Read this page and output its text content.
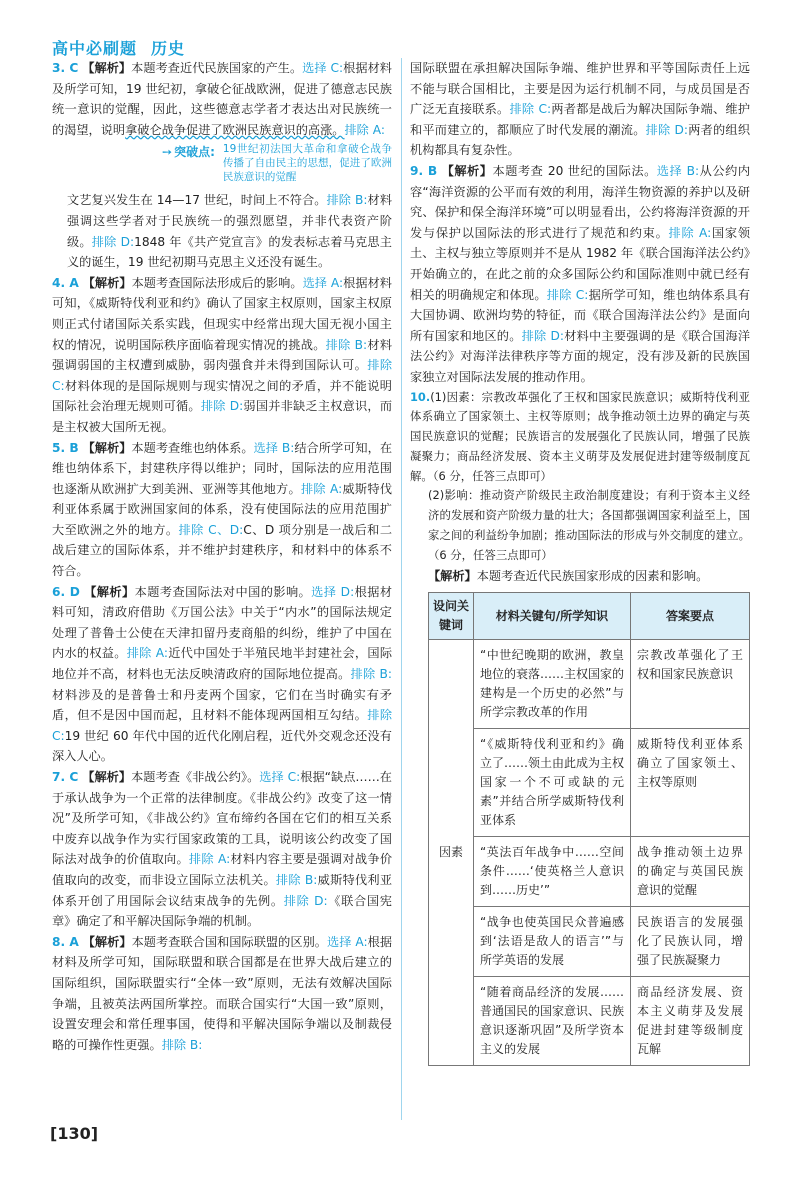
高中必刷题 历史

3. C 【解析】本题考查近代民族国家的产生。选择 C:根据材料及所学可知，19 世纪初，拿破仑征战欧洲，促进了德意志民族统一意识的觉醒，因此，这些德意志学者才表达出对民族统一的渴望，说明拿破仑战争促进了欧洲民族意识的高涨。排除 A:

➙ 突破点 : 19世纪初法国大革命和拿破仑战争传播了自由民主的思想，促进了欧洲民族意识的觉醒

文艺复兴发生在 14—17 世纪，时间上不符合。排除 B:材料强调这些学者对于民族统一的强烈愿望，并非代表资产阶级。排除 D:1848 年《共产党宣言》的发表标志着马克思主义的诞生，19 世纪初期马克思主义还没有诞生。

4. A 【解析】本题考查国际法形成后的影响。选择 A:根据材料可知，《威斯特伐利亚和约》确认了国家主权原则，国家主权原则正式付诸国际关系实践，但现实中经常出现大国无视小国主权的情况，说明国际秩序面临着现实情况的挑战。排除 B:材料强调弱国的主权遭到威胁，弱肉强食并未得到国际认可。排除 C:材料体现的是国际规则与现实情况之间的矛盾，并不能说明国际社会治理无规则可循。排除 D:弱国并非缺乏主权意识，而是主权被大国所无视。

5. B 【解析】本题考查维也纳体系。选择 B:结合所学可知，在维也纳体系下，封建秩序得以维护；同时，国际法的应用范围也逐渐从欧洲扩大到美洲、亚洲等其他地方。排除 A:威斯特伐利亚体系属于欧洲国家间的体系，没有使国际法的应用范围扩大至欧洲之外的地方。排除 C、D:C、D 项分别是一战后和二战后建立的国际体系，并不维护封建秩序，和材料中的体系不符合。

6. D 【解析】本题考查国际法对中国的影响。选择 D:根据材料可知，清政府借助《万国公法》中关于“内水”的国际法规定处理了普鲁士公使在天津扣留丹麦商船的纠纷，维护了中国在内水的权益。排除 A:近代中国处于半殖民地半封建社会，国际地位并不高，材料也无法反映清政府的国际地位提高。排除 B:材料涉及的是普鲁士和丹麦两个国家，它们在当时确实有矛盾，但不是因中国而起，且材料不能体现两国相互勾结。排除 C:19 世纪 60 年代中国的近代化刚启程，近代外交观念还没有深入人心。

7. C 【解析】本题考查《非战公约》。选择 C:根据“缺点……在于承认战争为一个正常的法律制度。《非战公约》改变了这一情况”及所学可知，《非战公约》宣布缔约各国在它们的相互关系中废弃以战争作为实行国家政策的工具，说明该公约改变了国际法对战争的价值取向。排除 A:材料内容主要是强调对战争价值取向的改变，而非设立国际立法机关。排除 B:威斯特伐利亚体系开创了用国际会议结束战争的先例。排除 D:《联合国宪章》确定了和平解决国际争端的机制。

8. A 【解析】本题考查联合国和国际联盟的区别。选择 A:根据材料及所学可知，国际联盟和联合国都是在世界大战后建立的国际组织，国际联盟实行“全体一致”原则，无法有效解决国际争端，且被英法两国所掌控。而联合国实行“大国一致”原则，设置安理会和常任理事国，使得和平解决国际争端以及制裁侵略的可操作性更强。排除 B:

国际联盟在承担解决国际争端、维护世界和平等国际责任上远不能与联合国相比，主要是因为运行机制不同，与成员国是否广泛无直接联系。排除 C:两者都是战后为解决国际争端、维护和平而建立的，都顺应了时代发展的潮流。排除 D:两者的组织机构都具有复杂性。

9. B 【解析】本题考查 20 世纪的国际法。选择 B:从公约内容“海洋资源的公平而有效的利用，海洋生物资源的养护以及研究、保护和保全海洋环境”可以明显看出，公约将海洋资源的开发与保护以国际法的形式进行了规范和约束。排除 A:国家领土、主权与独立等原则并不是从 1982 年《联合国海洋法公约》开始确立的，在此之前的众多国际公约和国际准则中就已经有相关的明确规定和体现。排除 C:据所学可知，维也纳体系具有大国协调、欧洲均势的特征，而《联合国海洋法公约》是面向所有国家和地区的。排除 D:材料中主要强调的是《联合国海洋法公约》对海洋法律秩序等方面的规定，没有涉及新的民族国家独立对国际法发展的推动作用。

10.(1)因素：宗教改革强化了王权和国家民族意识；威斯特伐利亚体系确立了国家领土、主权等原则；战争推动领土边界的确定与英国民族意识的觉醒；民族语言的发展强化了民族认同，增强了民族凝聚力；商品经济发展、资本主义萌芽及发展促进封建等级制度瓦解。（6 分，任答三点即可）

(2)影响：推动资产阶级民主政治制度建设；有利于资本主义经济的发展和资产阶级力量的壮大；各国都强调国家利益至上，国家之间的利益纷争加剧；推动国际法的形成与外交制度的建立。（6 分，任答三点即可）

【解析】本题考查近代民族国家形成的因素和影响。

设问关键词	材料关键句/所学知识	答案要点
因素	“中世纪晚期的欧洲，教皇地位的衰落……主权国家的建构是一个历史的必然”与所学宗教改革的作用	宗教改革强化了王权和国家民族意识
	“《威斯特伐利亚和约》确立了……领土由此成为主权国家一个不可或缺的元素”并结合所学威斯特伐利亚体系	威斯特伐利亚体系确立了国家领土、主权等原则
	“英法百年战争中……空间条件……‘使英格兰人意识到……历史’”	战争推动领土边界的确定与英国民族意识的觉醒
	“战争也使英国民众普遍感到‘法语是敌人的语言’”与所学英语的发展	民族语言的发展强化了民族认同，增强了民族凝聚力
	“随着商品经济的发展……普通国民的国家意识、民族意识逐渐巩固”及所学资本主义的发展	商品经济发展、资本主义萌芽及发展促进封建等级制度瓦解
[130]
